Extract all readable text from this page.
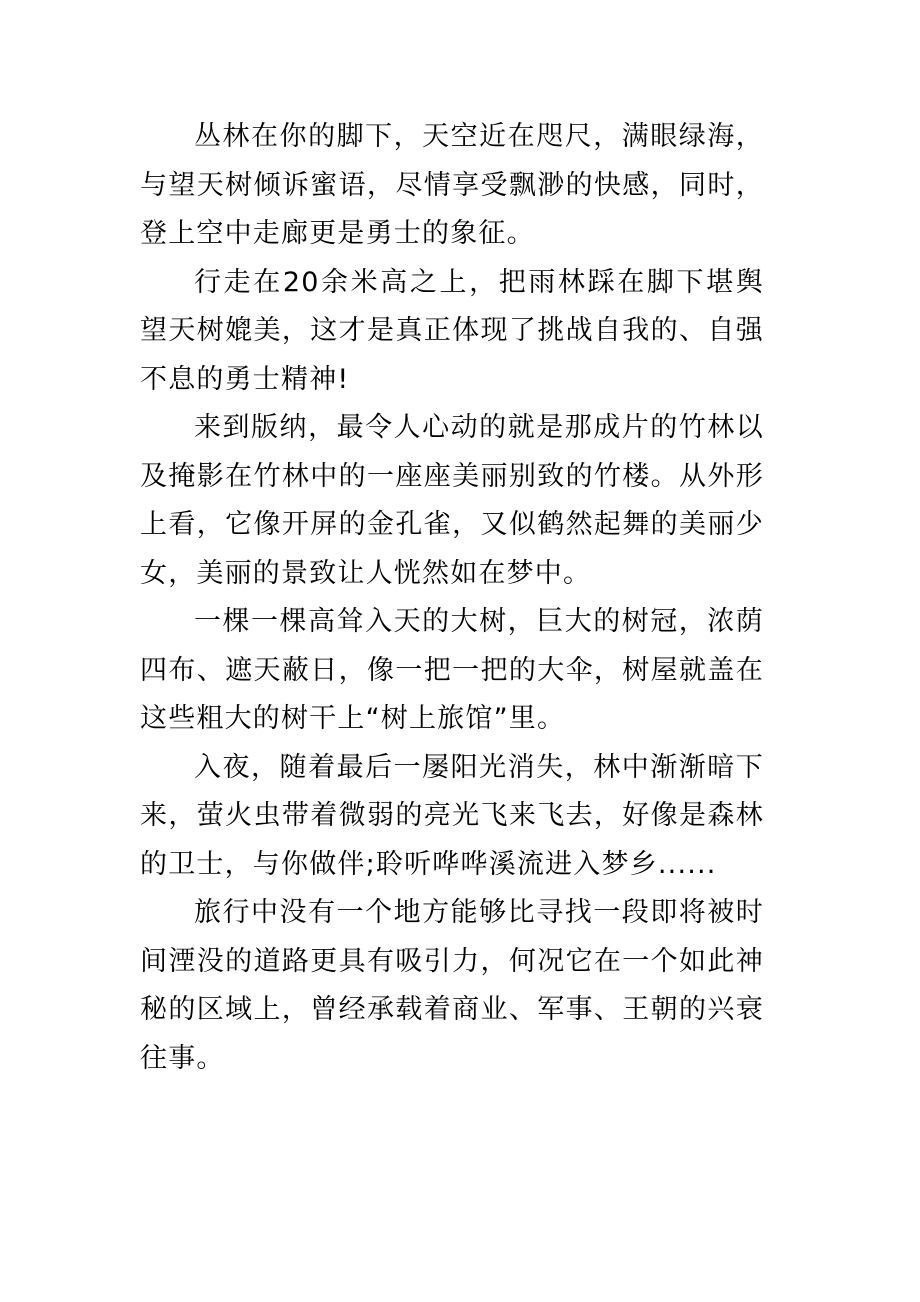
丛林在你的脚下，天空近在咫尺，满眼绿海，与望天树倾诉蜜语，尽情享受飘渺的快感，同时，登上空中走廊更是勇士的象征。

行走在20余米高之上，把雨林踩在脚下堪舆望天树媲美，这才是真正体现了挑战自我的、自强不息的勇士精神!

来到版纳，最令人心动的就是那成片的竹林以及掩影在竹林中的一座座美丽别致的竹楼。从外形上看，它像开屏的金孔雀，又似鹤然起舞的美丽少女，美丽的景致让人恍然如在梦中。

一棵一棵高耸入天的大树，巨大的树冠，浓荫四布、遮天蔽日，像一把一把的大伞，树屋就盖在这些粗大的树干上“树上旅馆”里。

入夜，随着最后一屡阳光消失，林中渐渐暗下来，萤火虫带着微弱的亮光飞来飞去，好像是森林的卫士，与你做伴;聆听哗哗溪流进入梦乡......

旅行中没有一个地方能够比寻找一段即将被时间湮没的道路更具有吸引力，何况它在一个如此神秘的区域上，曾经承载着商业、军事、王朝的兴衰往事。
